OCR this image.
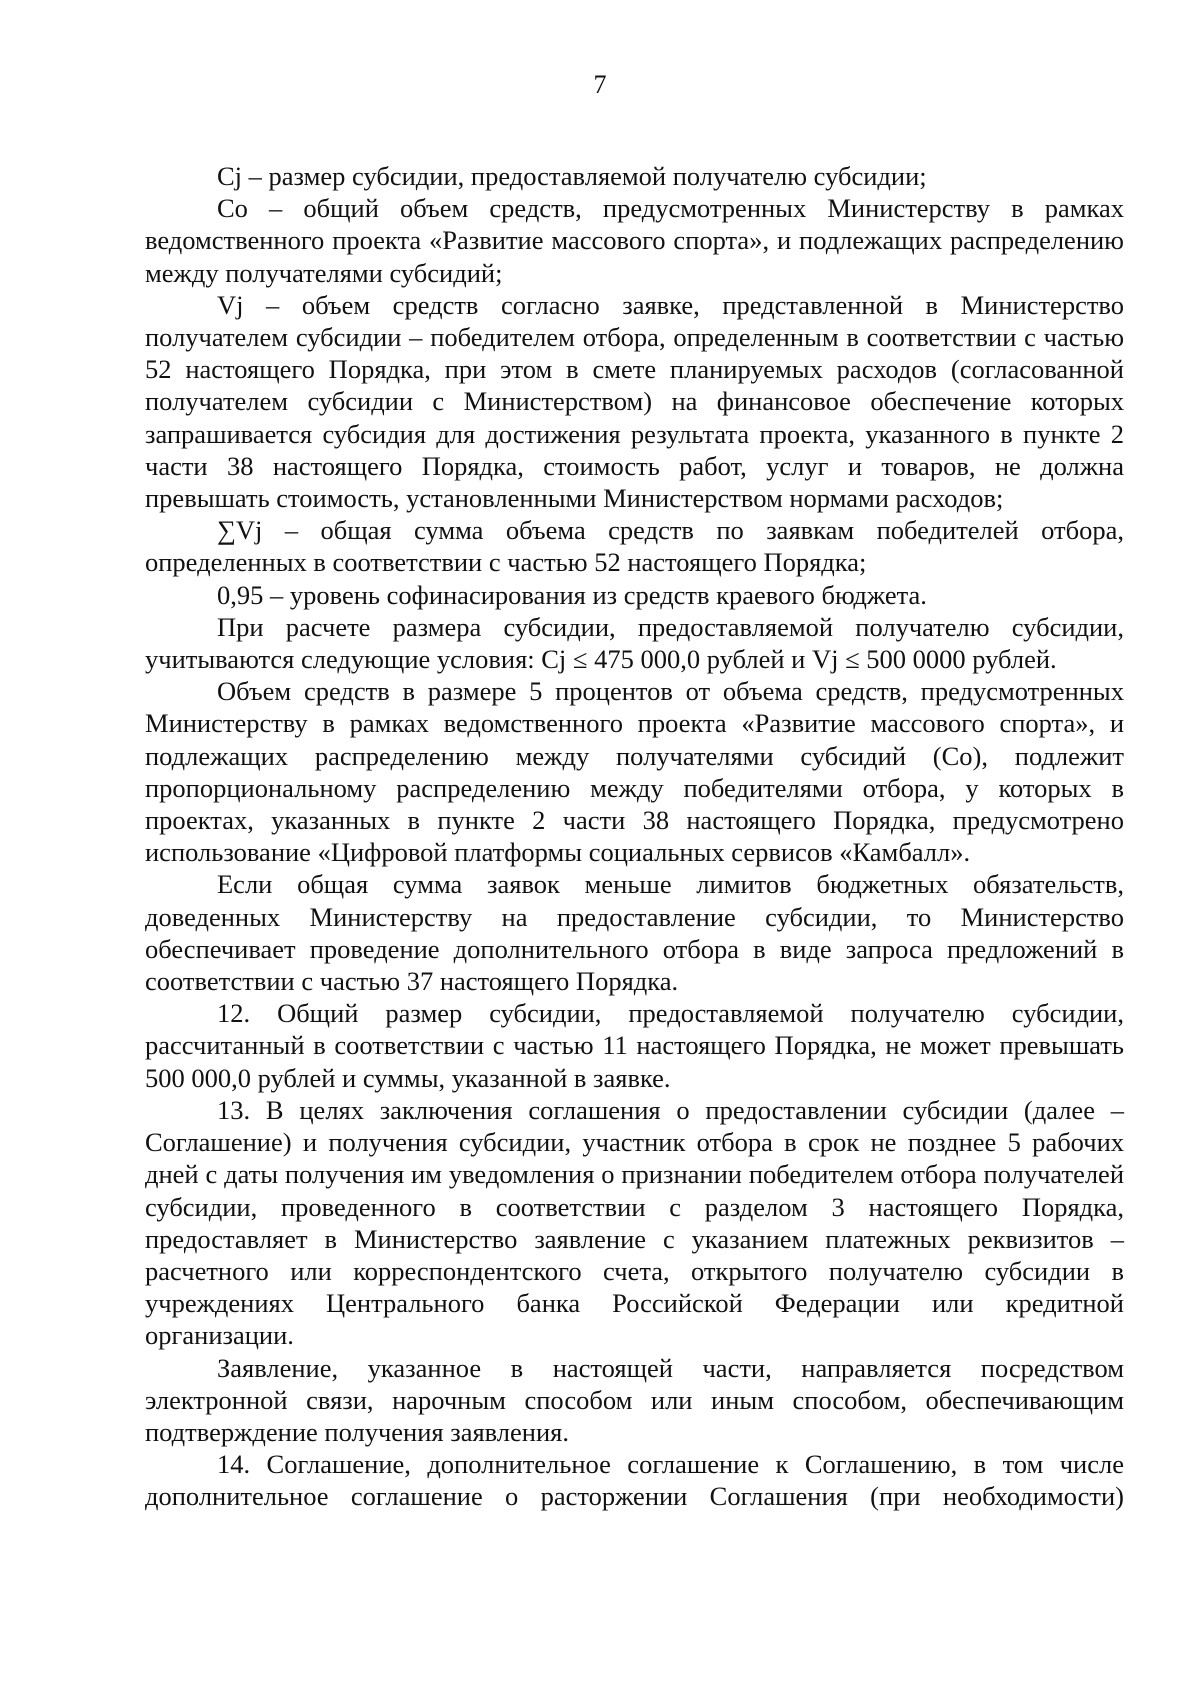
7

Cj – размер субсидии, предоставляемой получателю субсидии;

Со – общий объем средств, предусмотренных Министерству в рамках ведомственного проекта «Развитие массового спорта», и подлежащих распределению между получателями субсидий;

Vj – объем средств согласно заявке, представленной в Министерство получателем субсидии – победителем отбора, определенным в соответствии с частью 52 настоящего Порядка, при этом в смете планируемых расходов (согласованной получателем субсидии с Министерством) на финансовое обеспечение которых запрашивается субсидия для достижения результата проекта, указанного в пункте 2 части 38 настоящего Порядка, стоимость работ, услуг и товаров, не должна превышать стоимость, установленными Министерством нормами расходов;

∑Vj – общая сумма объема средств по заявкам победителей отбора, определенных в соответствии с частью 52 настоящего Порядка;

0,95 – уровень софинасирования из средств краевого бюджета.

При расчете размера субсидии, предоставляемой получателю субсидии, учитываются следующие условия: Cj ≤ 475 000,0 рублей и Vj ≤ 500 0000 рублей.

Объем средств в размере 5 процентов от объема средств, предусмотренных Министерству в рамках ведомственного проекта «Развитие массового спорта», и подлежащих распределению между получателями субсидий (Со), подлежит пропорциональному распределению между победителями отбора, у которых в проектах, указанных в пункте 2 части 38 настоящего Порядка, предусмотрено использование «Цифровой платформы социальных сервисов «Камбалл».

Если общая сумма заявок меньше лимитов бюджетных обязательств, доведенных Министерству на предоставление субсидии, то Министерство обеспечивает проведение дополнительного отбора в виде запроса предложений в соответствии с частью 37 настоящего Порядка.

12. Общий размер субсидии, предоставляемой получателю субсидии, рассчитанный в соответствии с частью 11 настоящего Порядка, не может превышать 500 000,0 рублей и суммы, указанной в заявке.

13. В целях заключения соглашения о предоставлении субсидии (далее – Соглашение) и получения субсидии, участник отбора в срок не позднее 5 рабочих дней с даты получения им уведомления о признании победителем отбора получателей субсидии, проведенного в соответствии с разделом 3 настоящего Порядка, предоставляет в Министерство заявление с указанием платежных реквизитов – расчетного или корреспондентского счета, открытого получателю субсидии в учреждениях Центрального банка Российской Федерации или кредитной организации.

Заявление, указанное в настоящей части, направляется посредством электронной связи, нарочным способом или иным способом, обеспечивающим подтверждение получения заявления.

14. Соглашение, дополнительное соглашение к Соглашению, в том числе дополнительное соглашение о расторжении Соглашения (при необходимости)
